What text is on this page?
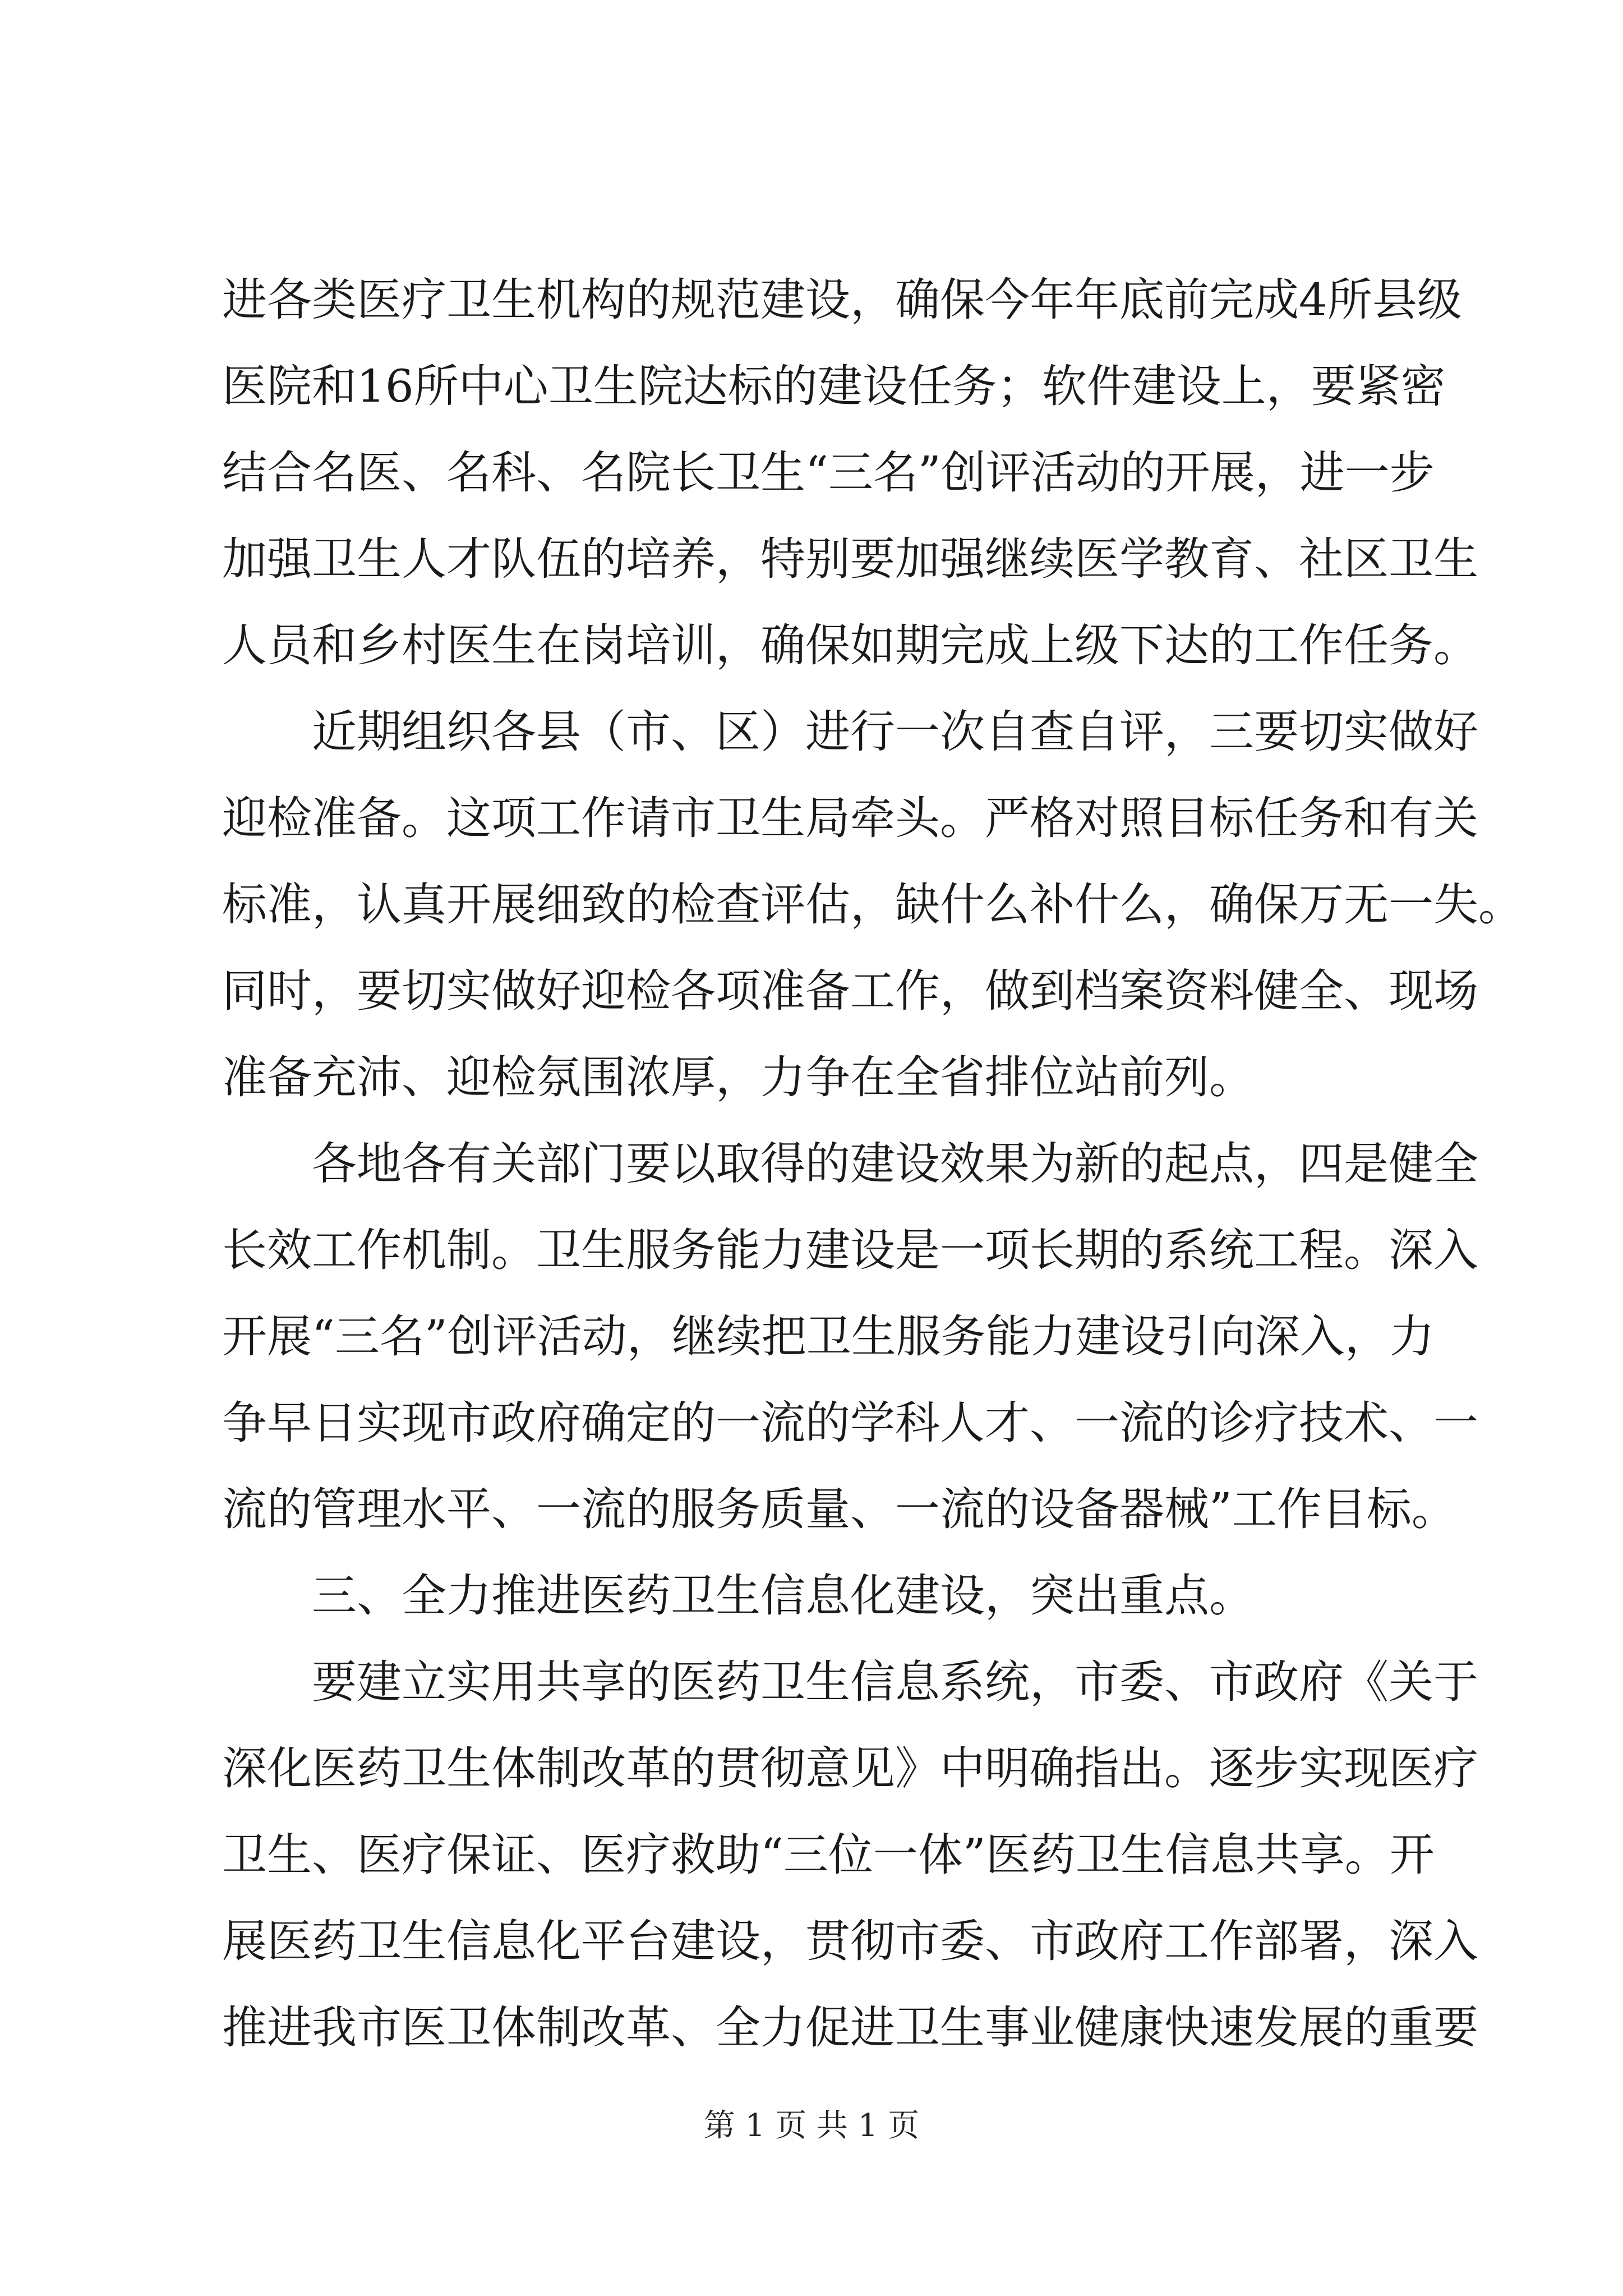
进各类医疗卫生机构的规范建设，确保今年年底前完成4所县级
医院和16所中心卫生院达标的建设任务；软件建设上，要紧密
结合名医、名科、名院长卫生“三名”创评活动的开展，进一步
加强卫生人才队伍的培养，特别要加强继续医学教育、社区卫生
人员和乡村医生在岗培训，确保如期完成上级下达的工作任务。
近期组织各县（市、区）进行一次自查自评，三要切实做好
迎检准备。这项工作请市卫生局牵头。严格对照目标任务和有关
标准，认真开展细致的检查评估，缺什么补什么，确保万无一失。
同时，要切实做好迎检各项准备工作，做到档案资料健全、现场
准备充沛、迎检氛围浓厚，力争在全省排位站前列。
各地各有关部门要以取得的建设效果为新的起点，四是健全
长效工作机制。卫生服务能力建设是一项长期的系统工程。深入
开展“三名”创评活动，继续把卫生服务能力建设引向深入，力
争早日实现市政府确定的一流的学科人才、一流的诊疗技术、一
流的管理水平、一流的服务质量、一流的设备器械”工作目标。
三、全力推进医药卫生信息化建设，突出重点。
要建立实用共享的医药卫生信息系统，市委、市政府《关于
深化医药卫生体制改革的贯彻意见》中明确指出。逐步实现医疗
卫生、医疗保证、医疗救助“三位一体”医药卫生信息共享。开
展医药卫生信息化平台建设，贯彻市委、市政府工作部署，深入
推进我市医卫体制改革、全力促进卫生事业健康快速发展的重要
第 1 页 共 1 页
